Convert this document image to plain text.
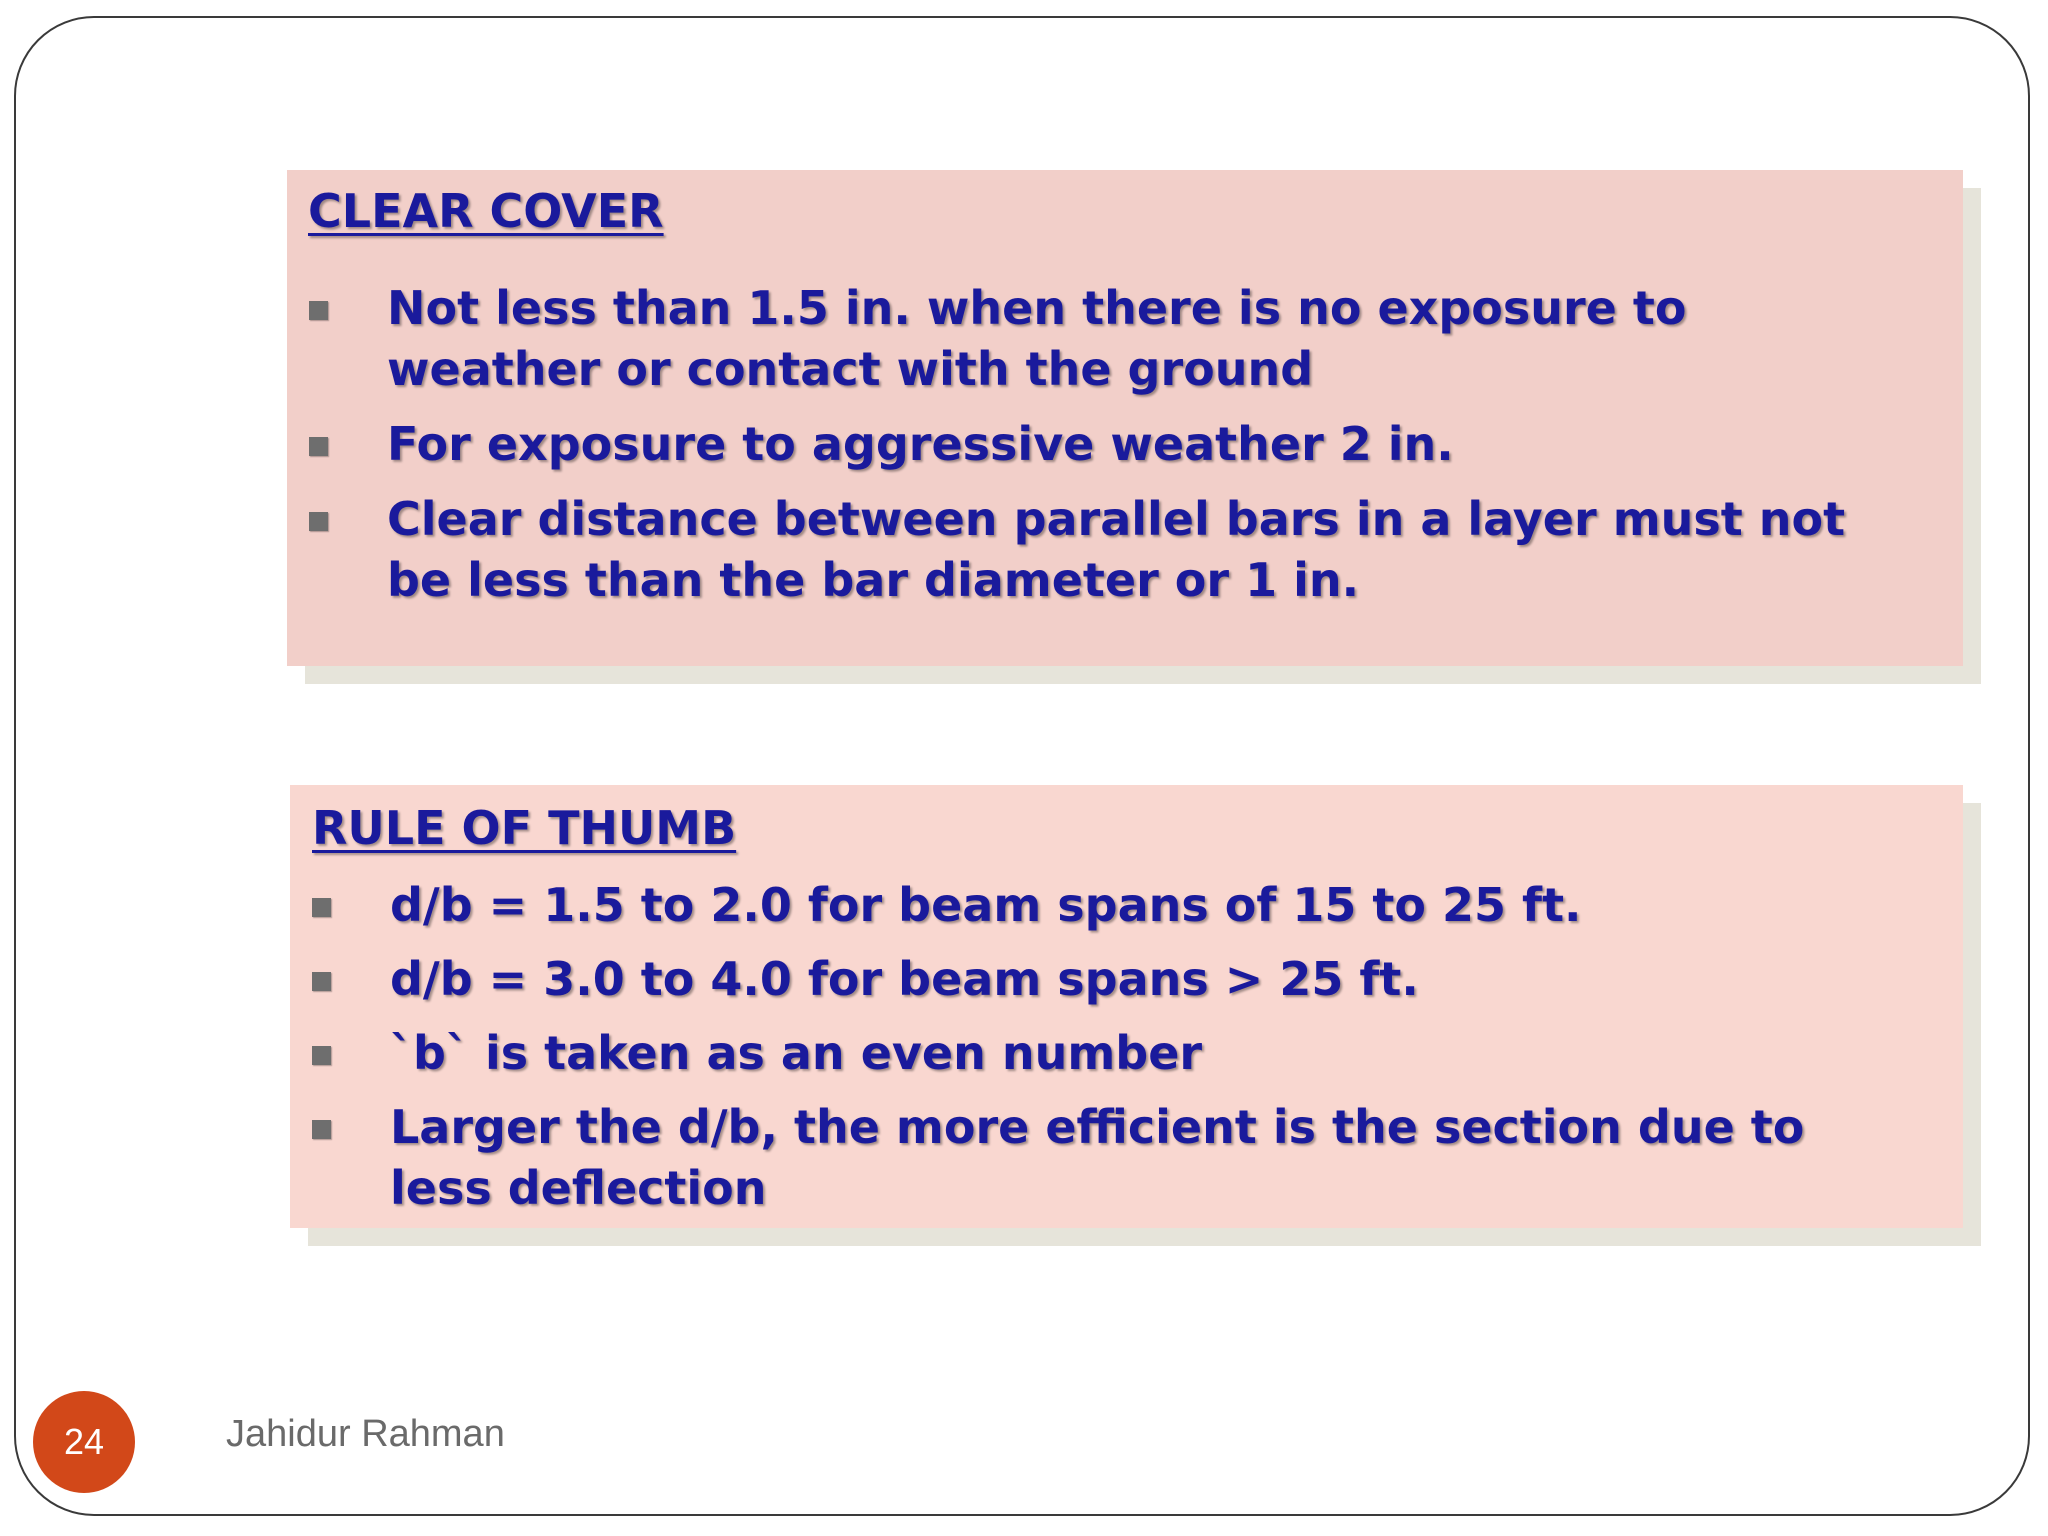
CLEAR COVER
Not less than 1.5 in. when there is no exposure to weather or contact with the ground
For exposure to aggressive weather 2 in.
Clear distance between parallel bars in a layer must not be less than the bar diameter or 1 in.
RULE OF THUMB
d/b = 1.5 to 2.0 for beam spans of 15 to 25 ft.
d/b = 3.0 to 4.0 for beam spans > 25 ft.
`b` is taken as an even number
Larger the d/b, the more efficient is the section due to less deflection
24	Jahidur Rahman
